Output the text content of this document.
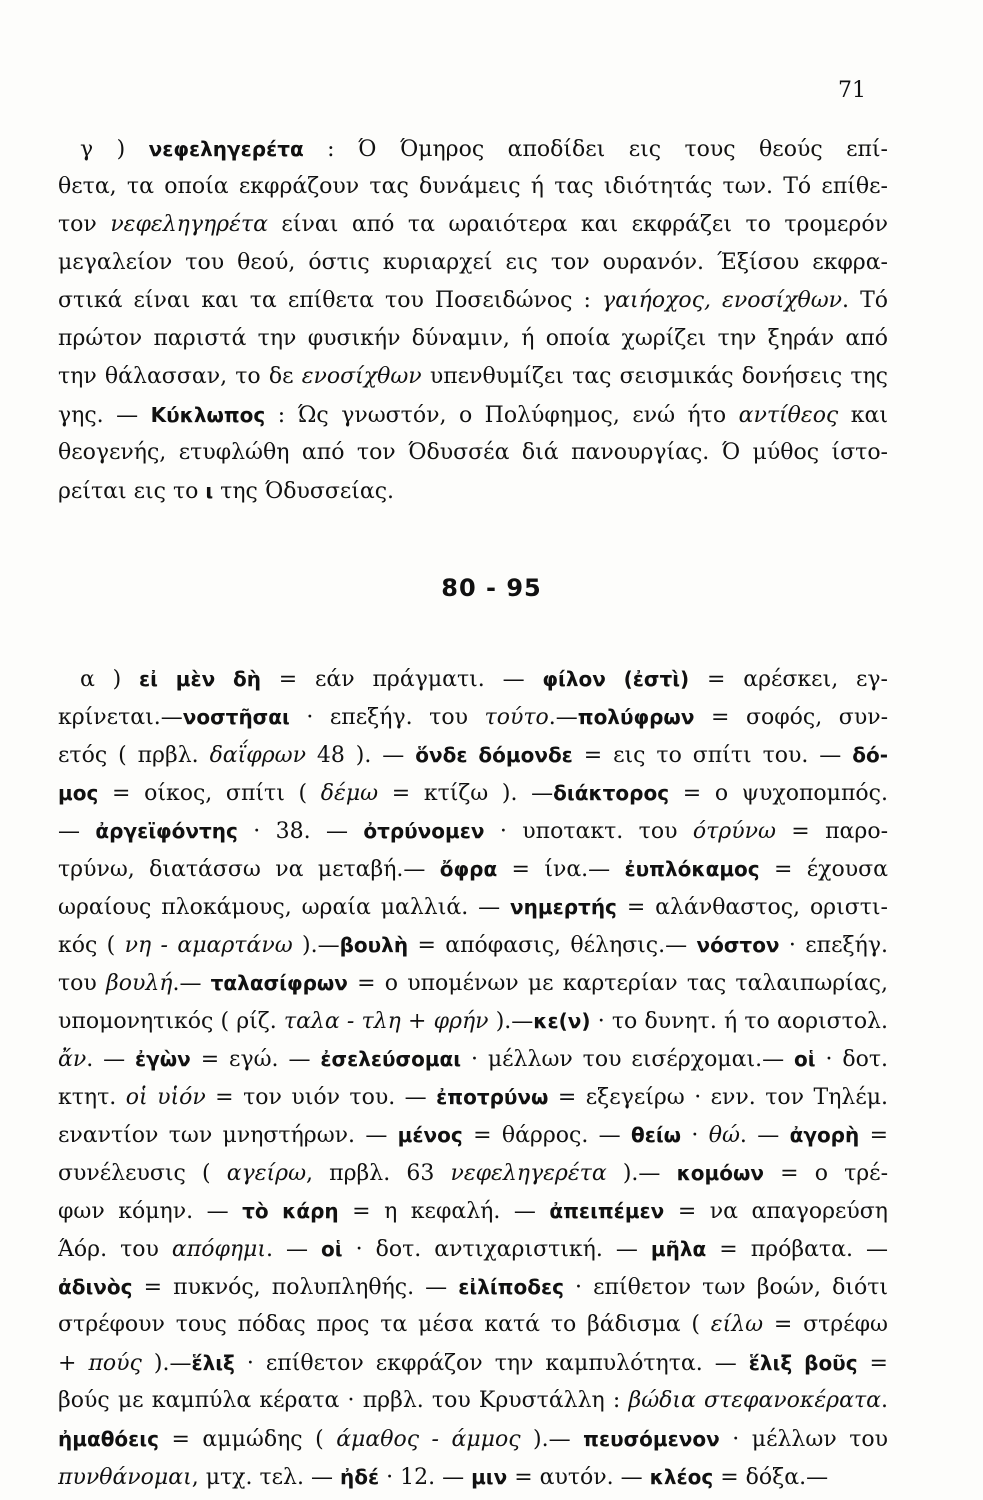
71
γ ) νεφεληγερέτα : Ό Όμηρος αποδίδει εις τους θεούς επί-
θετα, τα οποία εκφράζουν τας δυνάμεις ή τας ιδιότητάς των. Τό επίθε-
τον νεφεληγηρέτα είναι από τα ωραιότερα και εκφράζει το τρομερόν
μεγαλείον του θεού, όστις κυριαρχεί εις τον ουρανόν. Έξίσου εκφρα-
στικά είναι και τα επίθετα του Ποσειδώνος : γαιήοχος, ενοσίχθων. Τό
πρώτον παριστά την φυσικήν δύναμιν, ή οποία χωρίζει την ξηράν από
την θάλασσαν, το δε ενοσίχθων υπενθυμίζει τας σεισμικάς δονήσεις της
γης. — Κύκλωπος : Ώς γνωστόν, ο Πολύφημος, ενώ ήτο αντίθεος και
θεογενής, ετυφλώθη από τον Όδυσσέα διά πανουργίας. Ό μύθος ίστο-
ρείται εις το ι της Όδυσσείας.
80 - 95
α ) εἰ μὲν δὴ = εάν πράγματι. — φίλον (ἐστὶ) = αρέσκει, εγ-
κρίνεται.—νοστῆσαι · επεξήγ. του τούτο.—πολύφρων = σοφός, συν-
ετός ( πρβλ. δαΐφρων 48 ). — ὅνδε δόμονδε = εις το σπίτι του. — δό-
μος = οίκος, σπίτι ( δέμω = κτίζω ). —διάκτορος = ο ψυχοπομπός.
— ἀργεϊφόντης · 38. — ὀτρύνομεν · υποτακτ. του ότρύνω = παρο-
τρύνω, διατάσσω να μεταβή.— ὄφρα = ίνα.— ἐυπλόκαμος = έχουσα
ωραίους πλοκάμους, ωραία μαλλιά. — νημερτής = αλάνθαστος, οριστι-
κός ( νη - αμαρτάνω ).—βουλὴ = απόφασις, θέλησις.— νόστον · επεξήγ.
του βουλή.— ταλασίφρων = ο υπομένων με καρτερίαν τας ταλαιπωρίας,
υπομονητικός ( ρίζ. ταλα - τλη + φρήν ).—κε(ν) · το δυνητ. ή το αοριστολ.
ἄν. — ἐγὼν = εγώ. — ἐσελεύσομαι · μέλλων του εισέρχομαι.— οἱ · δοτ.
κτητ. οἱ υἱόν = τον υιόν του. — ἐποτρύνω = εξεγείρω · ενν. τον Τηλέμ.
εναντίον των μνηστήρων. — μένος = θάρρος. — θείω · θώ. — ἀγορὴ =
συνέλευσις ( αγείρω, πρβλ. 63 νεφεληγερέτα ).— κομόων = ο τρέ-
φων κόμην. — τὸ κάρη = η κεφαλή. — ἀπειπέμεν = να απαγορεύση
Άόρ. του απόφημι. — οἱ · δοτ. αντιχαριστική. — μῆλα = πρόβατα. —
ἀδινὸς = πυκνός, πολυπληθής. — εἰλίποδες · επίθετον των βοών, διότι
στρέφουν τους πόδας προς τα μέσα κατά το βάδισμα ( είλω = στρέφω
+ πούς ).—ἕλιξ · επίθετον εκφράζον την καμπυλότητα. — ἕλιξ βοῦς =
βούς με καμπύλα κέρατα · πρβλ. του Κρυστάλλη : βώδια στεφανοκέρατα.
ἠμαθόεις = αμμώδης ( άμαθος - άμμος ).— πευσόμενον · μέλλων του
πυνθάνομαι, μτχ. τελ. — ἠδέ · 12. — μιν = αυτόν. — κλέος = δόξα.—
